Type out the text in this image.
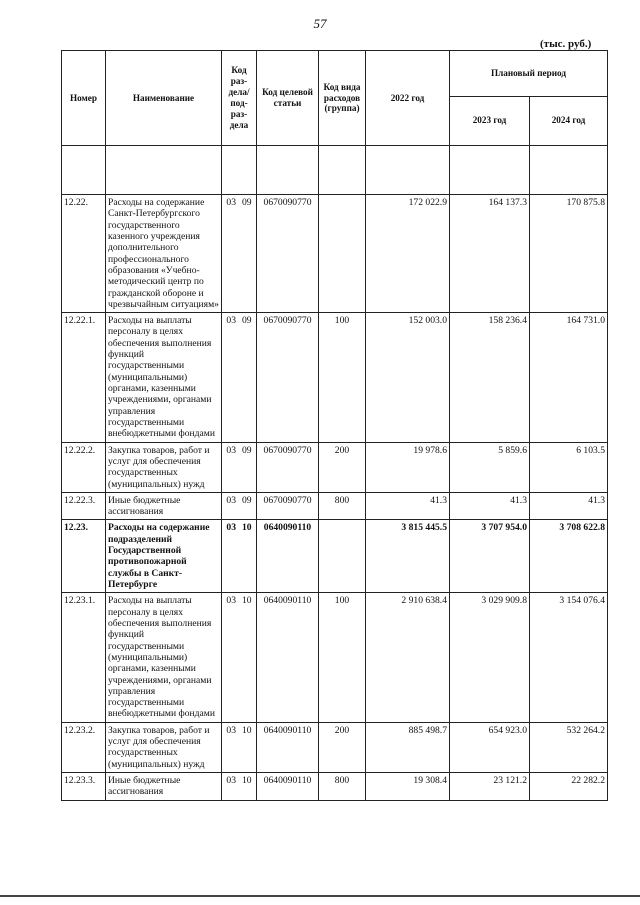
57
(тыс. руб.)
Номер	Наименование	Код раз-дела/ под-раз-дела	Код целевой статьи	Код вида расходов (группа)	2022 год	Плановый период	
						2023 год	2024 год

12.22.	Расходы на содержание Санкт-Петербургского государственного казенного учреждения дополнительного профессионального образования «Учебно-методический центр по гражданской обороне и чрезвычайным ситуациям»	03 09	0670090770		172 022.9	164 137.3	170 875.8
12.22.1.	Расходы на выплаты персоналу в целях обеспечения выполнения функций государственными (муниципальными) органами, казенными учреждениями, органами управления государственными внебюджетными фондами	03 09	0670090770	100	152 003.0	158 236.4	164 731.0
12.22.2.	Закупка товаров, работ и услуг для обеспечения государственных (муниципальных) нужд	03 09	0670090770	200	19 978.6	5 859.6	6 103.5
12.22.3.	Иные бюджетные ассигнования	03 09	0670090770	800	41.3	41.3	41.3
12.23.	Расходы на содержание подразделений Государственной противопожарной службы в Санкт-Петербурге	03 10	0640090110		3 815 445.5	3 707 954.0	3 708 622.8
12.23.1.	Расходы на выплаты персоналу в целях обеспечения выполнения функций государственными (муниципальными) органами, казенными учреждениями, органами управления государственными внебюджетными фондами	03 10	0640090110	100	2 910 638.4	3 029 909.8	3 154 076.4
12.23.2.	Закупка товаров, работ и услуг для обеспечения государственных (муниципальных) нужд	03 10	0640090110	200	885 498.7	654 923.0	532 264.2
12.23.3.	Иные бюджетные ассигнования	03 10	0640090110	800	19 308.4	23 121.2	22 282.2
